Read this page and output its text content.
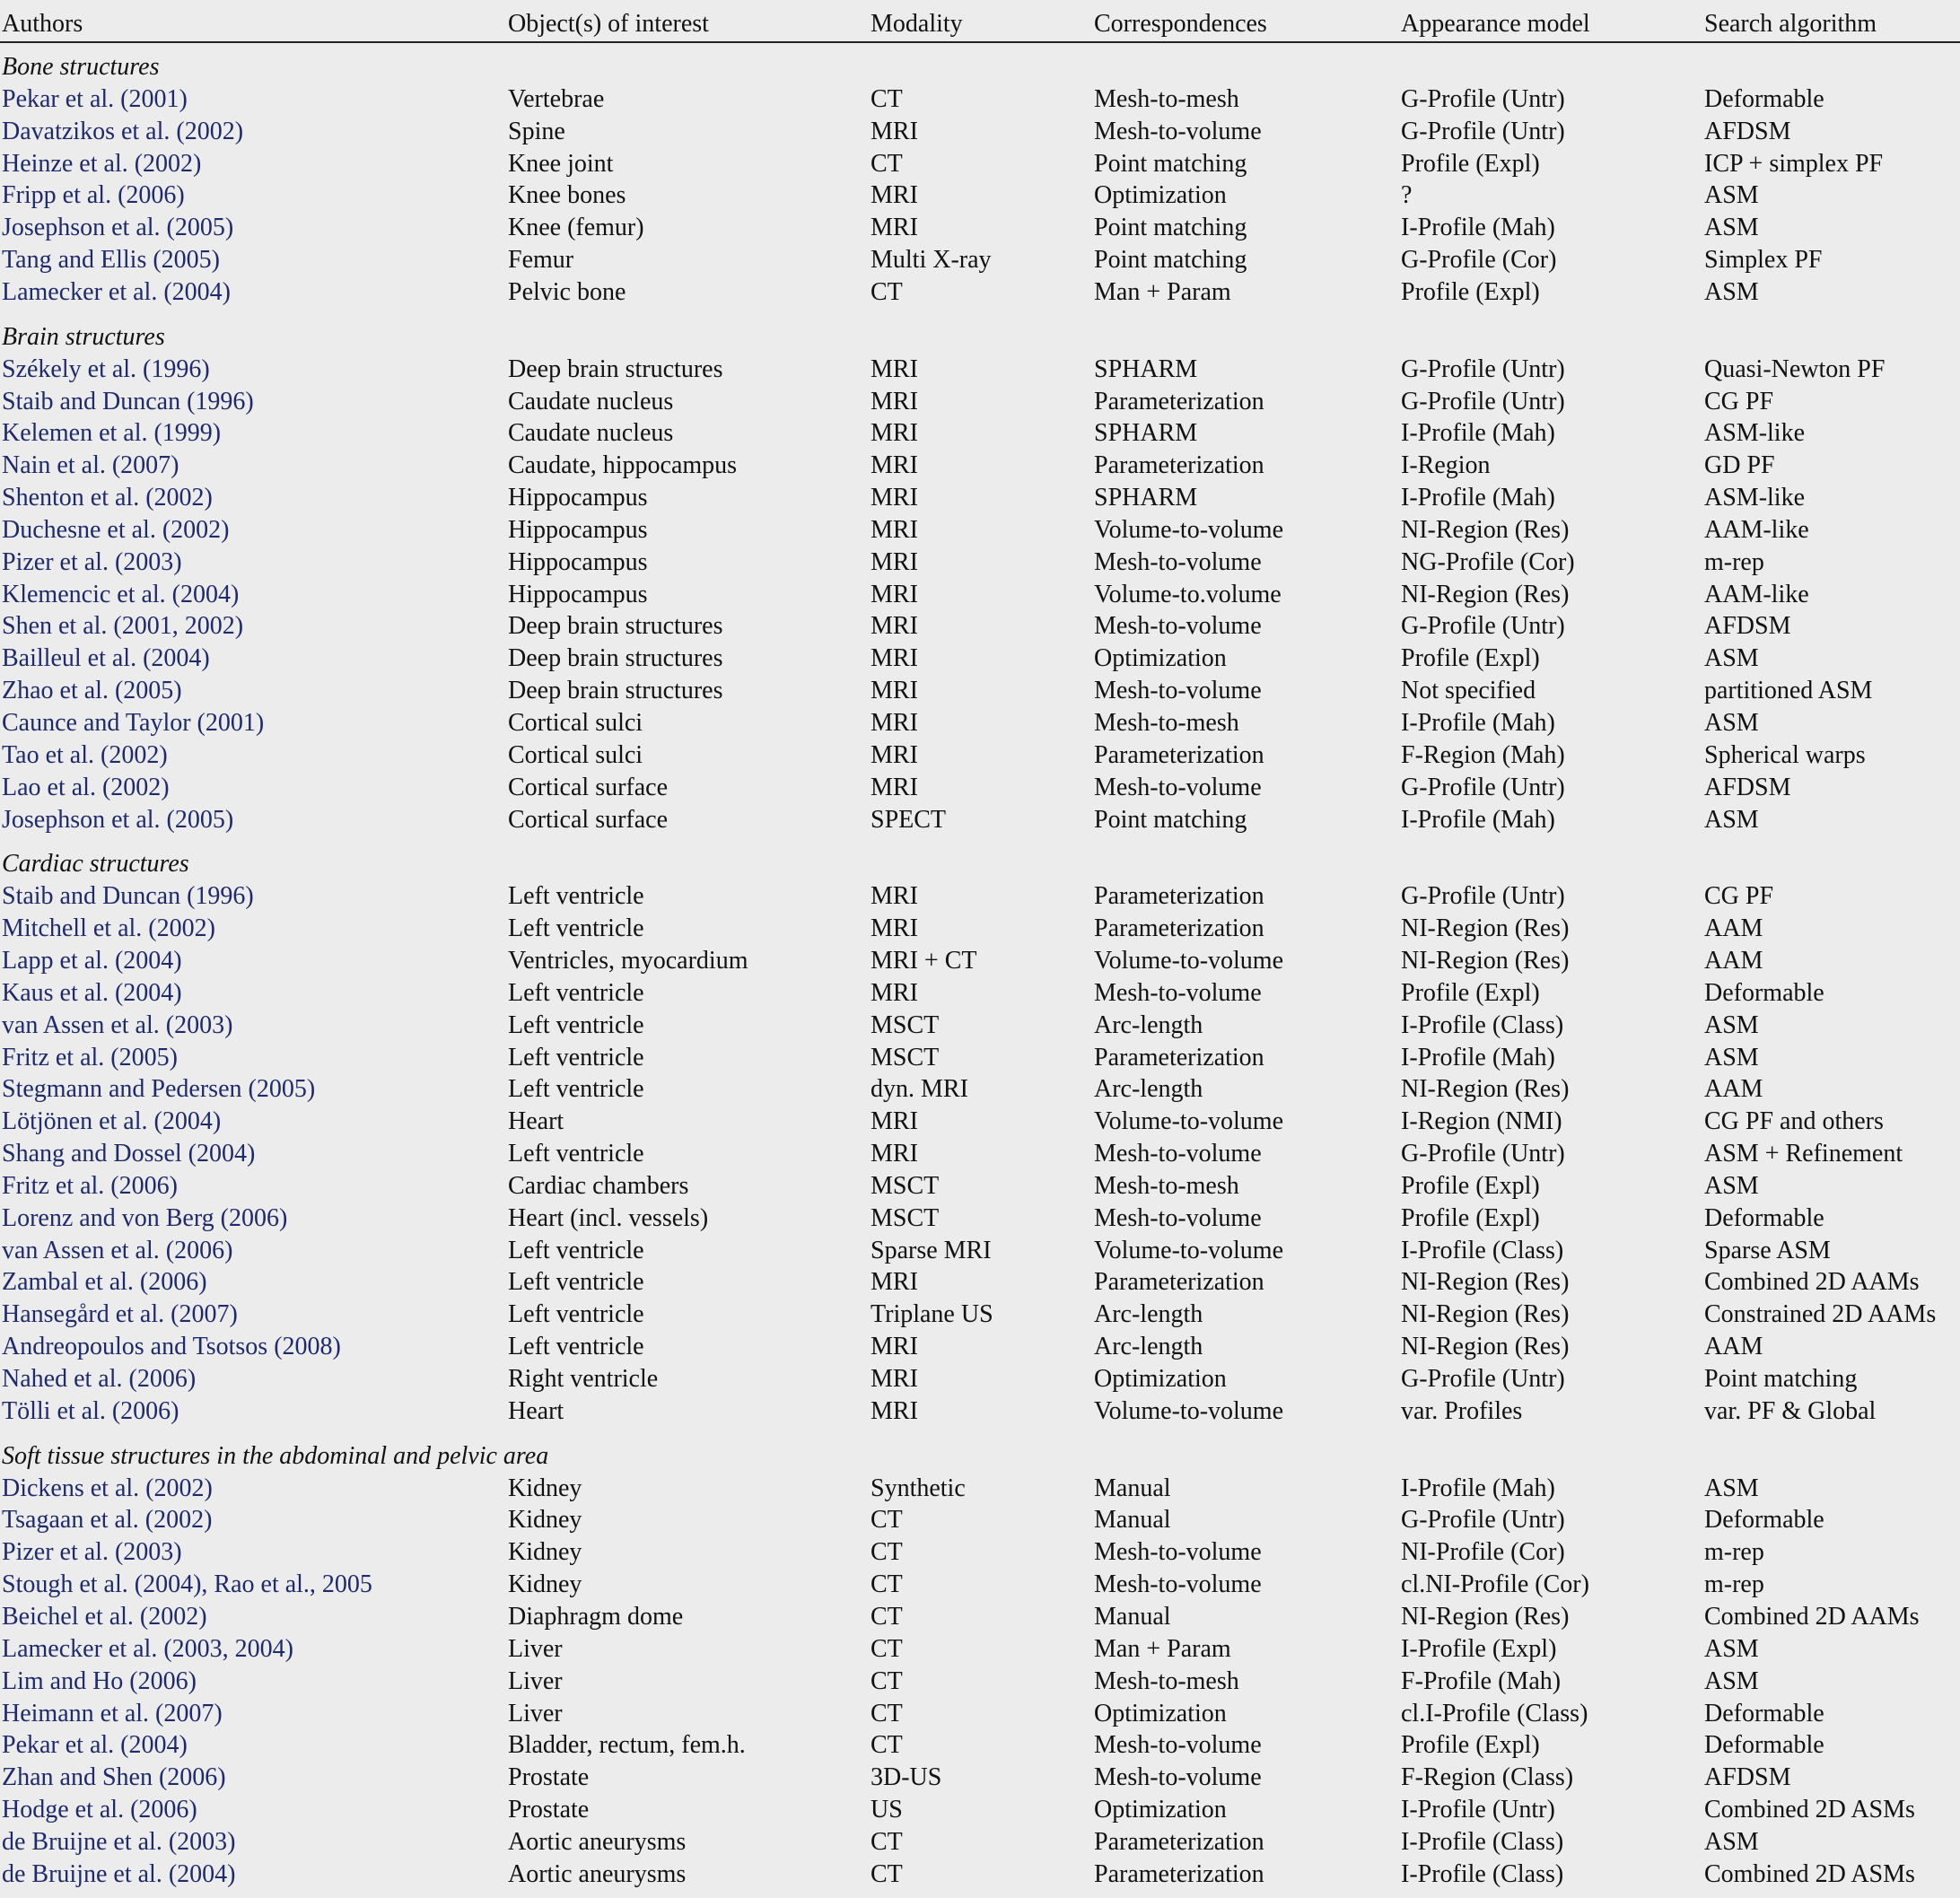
Authors	Object(s) of interest	Modality	Correspondences	Appearance model	Search algorithm
Bone structures
Pekar et al. (2001)	Vertebrae	CT	Mesh-to-mesh	G-Profile (Untr)	Deformable
Davatzikos et al. (2002)	Spine	MRI	Mesh-to-volume	G-Profile (Untr)	AFDSM
Heinze et al. (2002)	Knee joint	CT	Point matching	Profile (Expl)	ICP + simplex PF
Fripp et al. (2006)	Knee bones	MRI	Optimization	?	ASM
Josephson et al. (2005)	Knee (femur)	MRI	Point matching	I-Profile (Mah)	ASM
Tang and Ellis (2005)	Femur	Multi X-ray	Point matching	G-Profile (Cor)	Simplex PF
Lamecker et al. (2004)	Pelvic bone	CT	Man + Param	Profile (Expl)	ASM
Brain structures
Székely et al. (1996)	Deep brain structures	MRI	SPHARM	G-Profile (Untr)	Quasi-Newton PF
Staib and Duncan (1996)	Caudate nucleus	MRI	Parameterization	G-Profile (Untr)	CG PF
Kelemen et al. (1999)	Caudate nucleus	MRI	SPHARM	I-Profile (Mah)	ASM-like
Nain et al. (2007)	Caudate, hippocampus	MRI	Parameterization	I-Region	GD PF
Shenton et al. (2002)	Hippocampus	MRI	SPHARM	I-Profile (Mah)	ASM-like
Duchesne et al. (2002)	Hippocampus	MRI	Volume-to-volume	NI-Region (Res)	AAM-like
Pizer et al. (2003)	Hippocampus	MRI	Mesh-to-volume	NG-Profile (Cor)	m-rep
Klemencic et al. (2004)	Hippocampus	MRI	Volume-to.volume	NI-Region (Res)	AAM-like
Shen et al. (2001, 2002)	Deep brain structures	MRI	Mesh-to-volume	G-Profile (Untr)	AFDSM
Bailleul et al. (2004)	Deep brain structures	MRI	Optimization	Profile (Expl)	ASM
Zhao et al. (2005)	Deep brain structures	MRI	Mesh-to-volume	Not specified	partitioned ASM
Caunce and Taylor (2001)	Cortical sulci	MRI	Mesh-to-mesh	I-Profile (Mah)	ASM
Tao et al. (2002)	Cortical sulci	MRI	Parameterization	F-Region (Mah)	Spherical warps
Lao et al. (2002)	Cortical surface	MRI	Mesh-to-volume	G-Profile (Untr)	AFDSM
Josephson et al. (2005)	Cortical surface	SPECT	Point matching	I-Profile (Mah)	ASM
Cardiac structures
Staib and Duncan (1996)	Left ventricle	MRI	Parameterization	G-Profile (Untr)	CG PF
Mitchell et al. (2002)	Left ventricle	MRI	Parameterization	NI-Region (Res)	AAM
Lapp et al. (2004)	Ventricles, myocardium	MRI + CT	Volume-to-volume	NI-Region (Res)	AAM
Kaus et al. (2004)	Left ventricle	MRI	Mesh-to-volume	Profile (Expl)	Deformable
van Assen et al. (2003)	Left ventricle	MSCT	Arc-length	I-Profile (Class)	ASM
Fritz et al. (2005)	Left ventricle	MSCT	Parameterization	I-Profile (Mah)	ASM
Stegmann and Pedersen (2005)	Left ventricle	dyn. MRI	Arc-length	NI-Region (Res)	AAM
Lötjönen et al. (2004)	Heart	MRI	Volume-to-volume	I-Region (NMI)	CG PF and others
Shang and Dossel (2004)	Left ventricle	MRI	Mesh-to-volume	G-Profile (Untr)	ASM + Refinement
Fritz et al. (2006)	Cardiac chambers	MSCT	Mesh-to-mesh	Profile (Expl)	ASM
Lorenz and von Berg (2006)	Heart (incl. vessels)	MSCT	Mesh-to-volume	Profile (Expl)	Deformable
van Assen et al. (2006)	Left ventricle	Sparse MRI	Volume-to-volume	I-Profile (Class)	Sparse ASM
Zambal et al. (2006)	Left ventricle	MRI	Parameterization	NI-Region (Res)	Combined 2D AAMs
Hansegård et al. (2007)	Left ventricle	Triplane US	Arc-length	NI-Region (Res)	Constrained 2D AAMs
Andreopoulos and Tsotsos (2008)	Left ventricle	MRI	Arc-length	NI-Region (Res)	AAM
Nahed et al. (2006)	Right ventricle	MRI	Optimization	G-Profile (Untr)	Point matching
Tölli et al. (2006)	Heart	MRI	Volume-to-volume	var. Profiles	var. PF & Global
Soft tissue structures in the abdominal and pelvic area
Dickens et al. (2002)	Kidney	Synthetic	Manual	I-Profile (Mah)	ASM
Tsagaan et al. (2002)	Kidney	CT	Manual	G-Profile (Untr)	Deformable
Pizer et al. (2003)	Kidney	CT	Mesh-to-volume	NI-Profile (Cor)	m-rep
Stough et al. (2004), Rao et al., 2005	Kidney	CT	Mesh-to-volume	cl.NI-Profile (Cor)	m-rep
Beichel et al. (2002)	Diaphragm dome	CT	Manual	NI-Region (Res)	Combined 2D AAMs
Lamecker et al. (2003, 2004)	Liver	CT	Man + Param	I-Profile (Expl)	ASM
Lim and Ho (2006)	Liver	CT	Mesh-to-mesh	F-Profile (Mah)	ASM
Heimann et al. (2007)	Liver	CT	Optimization	cl.I-Profile (Class)	Deformable
Pekar et al. (2004)	Bladder, rectum, fem.h.	CT	Mesh-to-volume	Profile (Expl)	Deformable
Zhan and Shen (2006)	Prostate	3D-US	Mesh-to-volume	F-Region (Class)	AFDSM
Hodge et al. (2006)	Prostate	US	Optimization	I-Profile (Untr)	Combined 2D ASMs
de Bruijne et al. (2003)	Aortic aneurysms	CT	Parameterization	I-Profile (Class)	ASM
de Bruijne et al. (2004)	Aortic aneurysms	CT	Parameterization	I-Profile (Class)	Combined 2D ASMs
